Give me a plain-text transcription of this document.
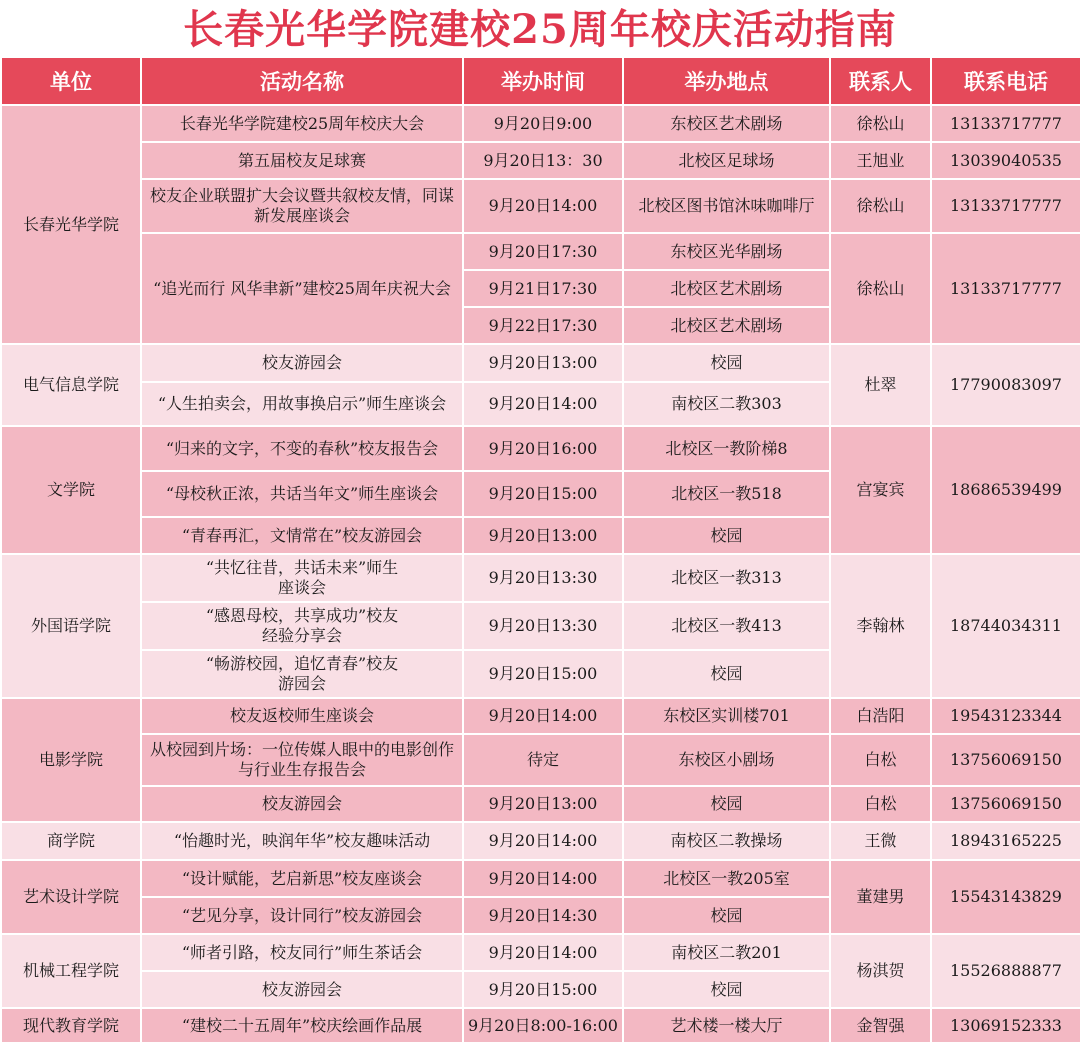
长春光华学院建校25周年校庆活动指南
单位	活动名称	举办时间	举办地点	联系人	联系电话
长春光华学院	长春光华学院建校25周年校庆大会	9月20日9:00	东校区艺术剧场	徐松山	13133717777
	第五届校友足球赛	9月20日13：30	北校区足球场	王旭业	13039040535
	校友企业联盟扩大会议暨共叙校友情，同谋新发展座谈会	9月20日14:00	北校区图书馆沐味咖啡厅	徐松山	13133717777
	“追光而行 风华聿新”建校25周年庆祝大会	9月20日17:30	东校区光华剧场	徐松山	13133717777
		9月21日17:30	北校区艺术剧场		
		9月22日17:30	北校区艺术剧场		
电气信息学院	校友游园会	9月20日13:00	校园	杜翠	17790083097
	“人生拍卖会，用故事换启示”师生座谈会	9月20日14:00	南校区二教303		
文学院	“归来的文字，不变的春秋”校友报告会	9月20日16:00	北校区一教阶梯8	宫宴宾	18686539499
	“母校秋正浓，共话当年文”师生座谈会	9月20日15:00	北校区一教518		
	“青春再汇，文情常在”校友游园会	9月20日13:00	校园		
外国语学院	“共忆往昔，共话未来”师生座谈会	9月20日13:30	北校区一教313	李翰林	18744034311
	“感恩母校，共享成功”校友经验分享会	9月20日13:30	北校区一教413		
	“畅游校园，追忆青春”校友游园会	9月20日15:00	校园		
电影学院	校友返校师生座谈会	9月20日14:00	东校区实训楼701	白浩阳	19543123344
	从校园到片场：一位传媒人眼中的电影创作与行业生存报告会	待定	东校区小剧场	白松	13756069150
	校友游园会	9月20日13:00	校园	白松	13756069150
商学院	“怡趣时光，映润年华”校友趣味活动	9月20日14:00	南校区二教操场	王微	18943165225
艺术设计学院	“设计赋能，艺启新思”校友座谈会	9月20日14:00	北校区一教205室	董建男	15543143829
	“艺见分享，设计同行”校友游园会	9月20日14:30	校园		
机械工程学院	“师者引路，校友同行”师生茶话会	9月20日14:00	南校区二教201	杨淇贺	15526888877
	校友游园会	9月20日15:00	校园		
现代教育学院	“建校二十五周年”校庆绘画作品展	9月20日8:00-16:00	艺术楼一楼大厅	金智强	13069152333
